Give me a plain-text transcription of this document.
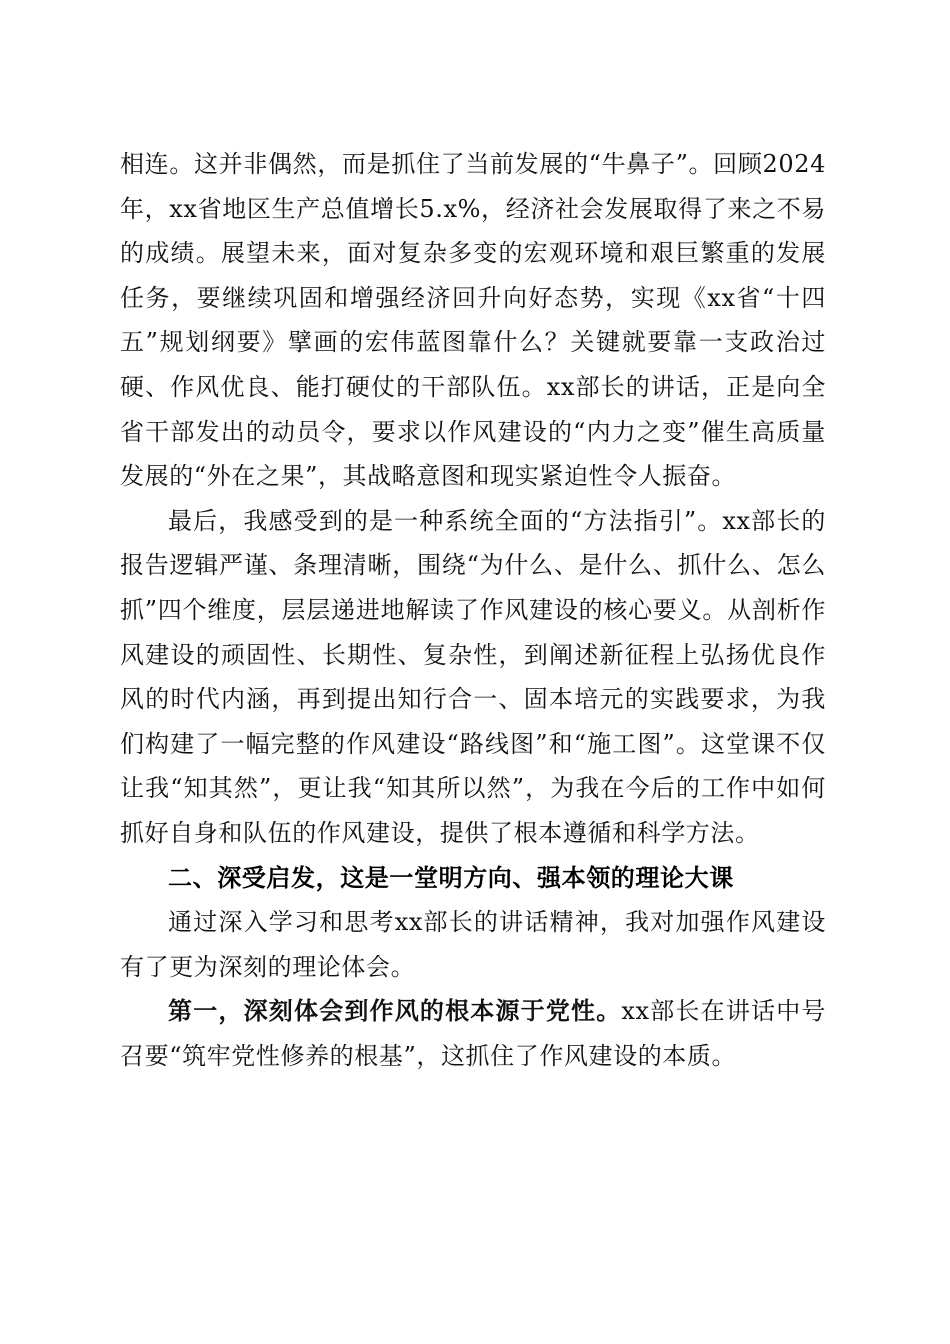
相连。这并非偶然，而是抓住了当前发展的“牛鼻子”。回顾2024年，xx省地区生产总值增长5.x%，经济社会发展取得了来之不易的成绩。展望未来，面对复杂多变的宏观环境和艰巨繁重的发展任务，要继续巩固和增强经济回升向好态势，实现《xx省“十四五”规划纲要》擘画的宏伟蓝图靠什么？关键就要靠一支政治过硬、作风优良、能打硬仗的干部队伍。xx部长的讲话，正是向全省干部发出的动员令，要求以作风建设的“内力之变”催生高质量发展的“外在之果”，其战略意图和现实紧迫性令人振奋。

最后，我感受到的是一种系统全面的“方法指引”。xx部长的报告逻辑严谨、条理清晰，围绕“为什么、是什么、抓什么、怎么抓”四个维度，层层递进地解读了作风建设的核心要义。从剖析作风建设的顽固性、长期性、复杂性，到阐述新征程上弘扬优良作风的时代内涵，再到提出知行合一、固本培元的实践要求，为我们构建了一幅完整的作风建设“路线图”和“施工图”。这堂课不仅让我“知其然”，更让我“知其所以然”，为我在今后的工作中如何抓好自身和队伍的作风建设，提供了根本遵循和科学方法。

二、深受启发，这是一堂明方向、强本领的理论大课

通过深入学习和思考xx部长的讲话精神，我对加强作风建设有了更为深刻的理论体会。

第一，深刻体会到作风的根本源于党性。xx部长在讲话中号召要“筑牢党性修养的根基”，这抓住了作风建设的本质。
